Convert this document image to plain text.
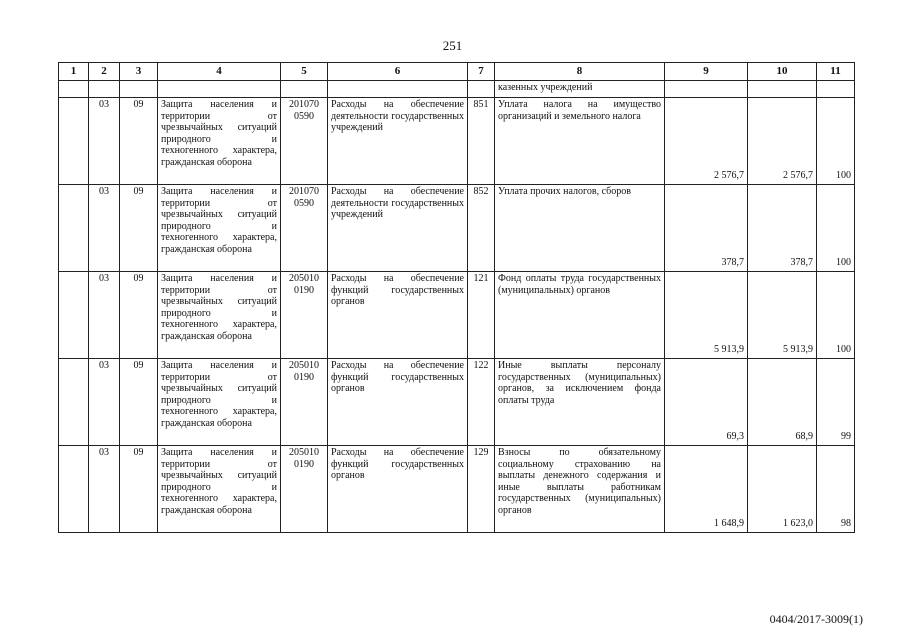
251
1	2	3	4	5	6	7	8	9	10	11
							казенных учреждений			
	03	09	Защита населения и территории от чрезвычайных ситуаций природного и техногенного характера, гражданская оборона	201070 0590	Расходы на обеспечение деятельности государственных учреждений	851	Уплата налога на имущество организаций и земельного налога	2 576,7	2 576,7	100
	03	09	Защита населения и территории от чрезвычайных ситуаций природного и техногенного характера, гражданская оборона	201070 0590	Расходы на обеспечение деятельности государственных учреждений	852	Уплата прочих налогов, сборов	378,7	378,7	100
	03	09	Защита населения и территории от чрезвычайных ситуаций природного и техногенного характера, гражданская оборона	205010 0190	Расходы на обеспечение функций государственных органов	121	Фонд оплаты труда государственных (муниципальных) органов	5 913,9	5 913,9	100
	03	09	Защита населения и территории от чрезвычайных ситуаций природного и техногенного характера, гражданская оборона	205010 0190	Расходы на обеспечение функций государственных органов	122	Иные выплаты персоналу государственных (муниципальных) органов, за исключением фонда оплаты труда	69,3	68,9	99
	03	09	Защита населения и территории от чрезвычайных ситуаций природного и техногенного характера, гражданская оборона	205010 0190	Расходы на обеспечение функций государственных органов	129	Взносы по обязательному социальному страхованию на выплаты денежного содержания и иные выплаты работникам государственных (муниципальных) органов	1 648,9	1 623,0	98
0404/2017-3009(1)
